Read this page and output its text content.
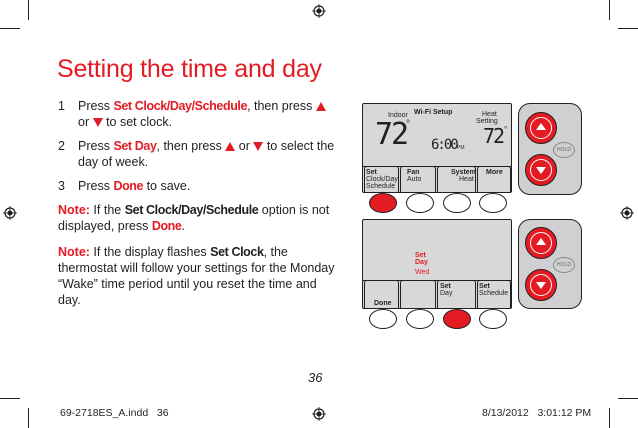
Setting the time and day
1 Press Set Clock/Day/Schedule, then press
or  to set clock.
2 Press Set Day, then press  or  to select the day of week.
3 Press Done to save.
Note: If the Set Clock/Day/Schedule option is not displayed, press Done.
Note: If the display flashes Set Clock, the thermostat will follow your settings for the Monday “Wake” time period until you reset the time and day.
Indoor Wi-Fi Setup	Heat
Setting
72
°	72 °
6:00 PM
Set
Clock/Day
Schedule
Fan
Auto
System
Heat
More
HOLD
Set
Day
Wed
Done
Set
Day
Set
Schedule
HOLD
36
69-2718ES_A.indd   36	8/13/2012   3:01:12 PM
